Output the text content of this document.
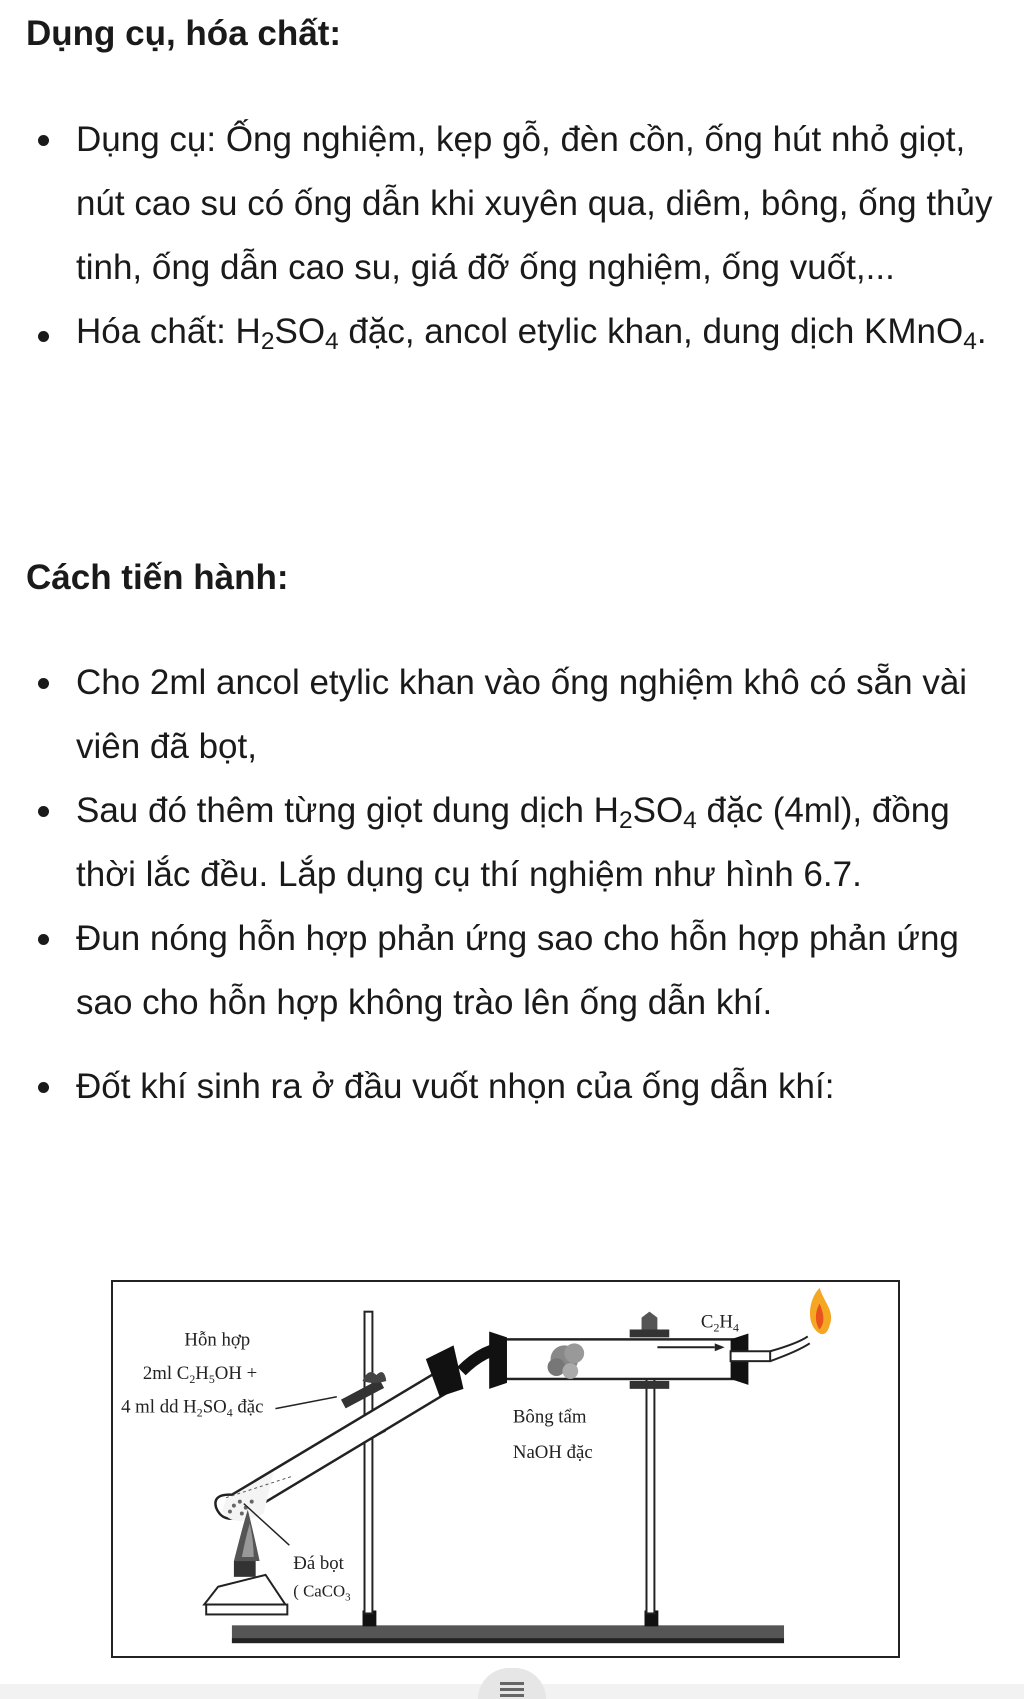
Dụng cụ, hóa chất:
Dụng cụ: Ống nghiệm, kẹp gỗ, đèn cồn, ống hút nhỏ giọt, nút cao su có ống dẫn khi xuyên qua, diêm, bông, ống thủy tinh, ống dẫn cao su, giá đỡ ống nghiệm, ống vuốt,...
Hóa chất: $H_2SO_4$ đặc, ancol etylic khan, dung dịch KMnO$_4$.
Cách tiến hành:
Cho 2ml ancol etylic khan vào ống nghiệm khô có sẵn vài viên đã bọt,
Sau đó thêm từng giọt dung dịch $H_2SO_4$ đặc (4ml), đồng thời lắc đều. Lắp dụng cụ thí nghiệm như hình 6.7.
Đun nóng hỗn hợp phản ứng sao cho hỗn hợp phản ứng sao cho hỗn hợp không trào lên ống dẫn khí.
Đốt khí sinh ra ở đầu vuốt nhọn của ống dẫn khí:
Hỗn hợp
2ml $C_2H_5OH$ +
4 ml dd $H_2SO_4$ đặc	Bông tẩm
NaOH đặc
Đá bọt
( CaCO$_3$
$C_2H_4$
